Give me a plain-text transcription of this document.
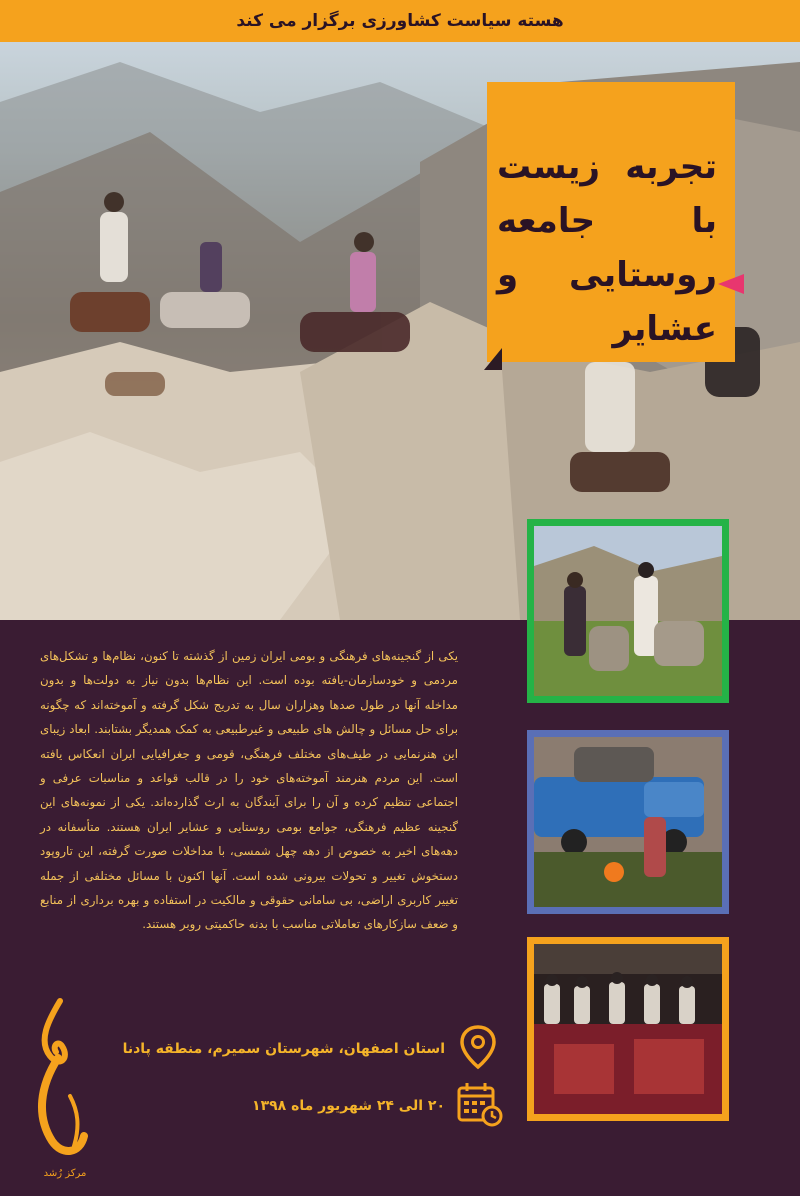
هسته سیاست کشاورزی برگزار می کند
تجربه زیست با جامعه روستایی و عشایر
یکی از گنجینه‌های فرهنگی و بومی ایران زمین از گذشته تا کنون، نظام‌ها و تشکل‌های مردمی و خودسازمان-یافته بوده است. این نظام‌ها بدون نیاز به دولت‌ها و بدون مداخله آنها در طول صدها وهزاران سال به تدریج شکل گرفته و آموخته‌اند که چگونه برای حل مسائل و چالش های طبیعی و غیرطبیعی به کمک همدیگر بشتابند. ابعاد زیبای این هنرنمایی در طیف‌های مختلف فرهنگی، قومی و جغرافیایی ایران انعکاس یافته است. این مردم هنرمند آموخته‌های خود را در قالب قواعد و مناسبات عرفی و اجتماعی تنظیم کرده و آن را برای آیندگان به ارث گذارده‌اند. یکی از نمونه‌های این گنجینه عظیم فرهنگی، جوامع بومی روستایی و عشایر ایران هستند. متأسفانه در دهه‌های اخیر به خصوص از دهه چهل شمسی، با مداخلات صورت گرفته، این تاروپود دستخوش تغییر و تحولات بیرونی شده است. آنها اکنون با مسائل مختلفی از جمله تغییر کاربری اراضی، بی سامانی حقوقی و مالکیت در استفاده و بهره برداری از منابع و ضعف سازکارهای تعاملاتی مناسب با بدنه حاکمیتی روبر هستند.
استان اصفهان، شهرستان سمیرم، منطقه پادنا
۲۰ الی ۲۴ شهریور ماه ۱۳۹۸
مرکز رُشد
